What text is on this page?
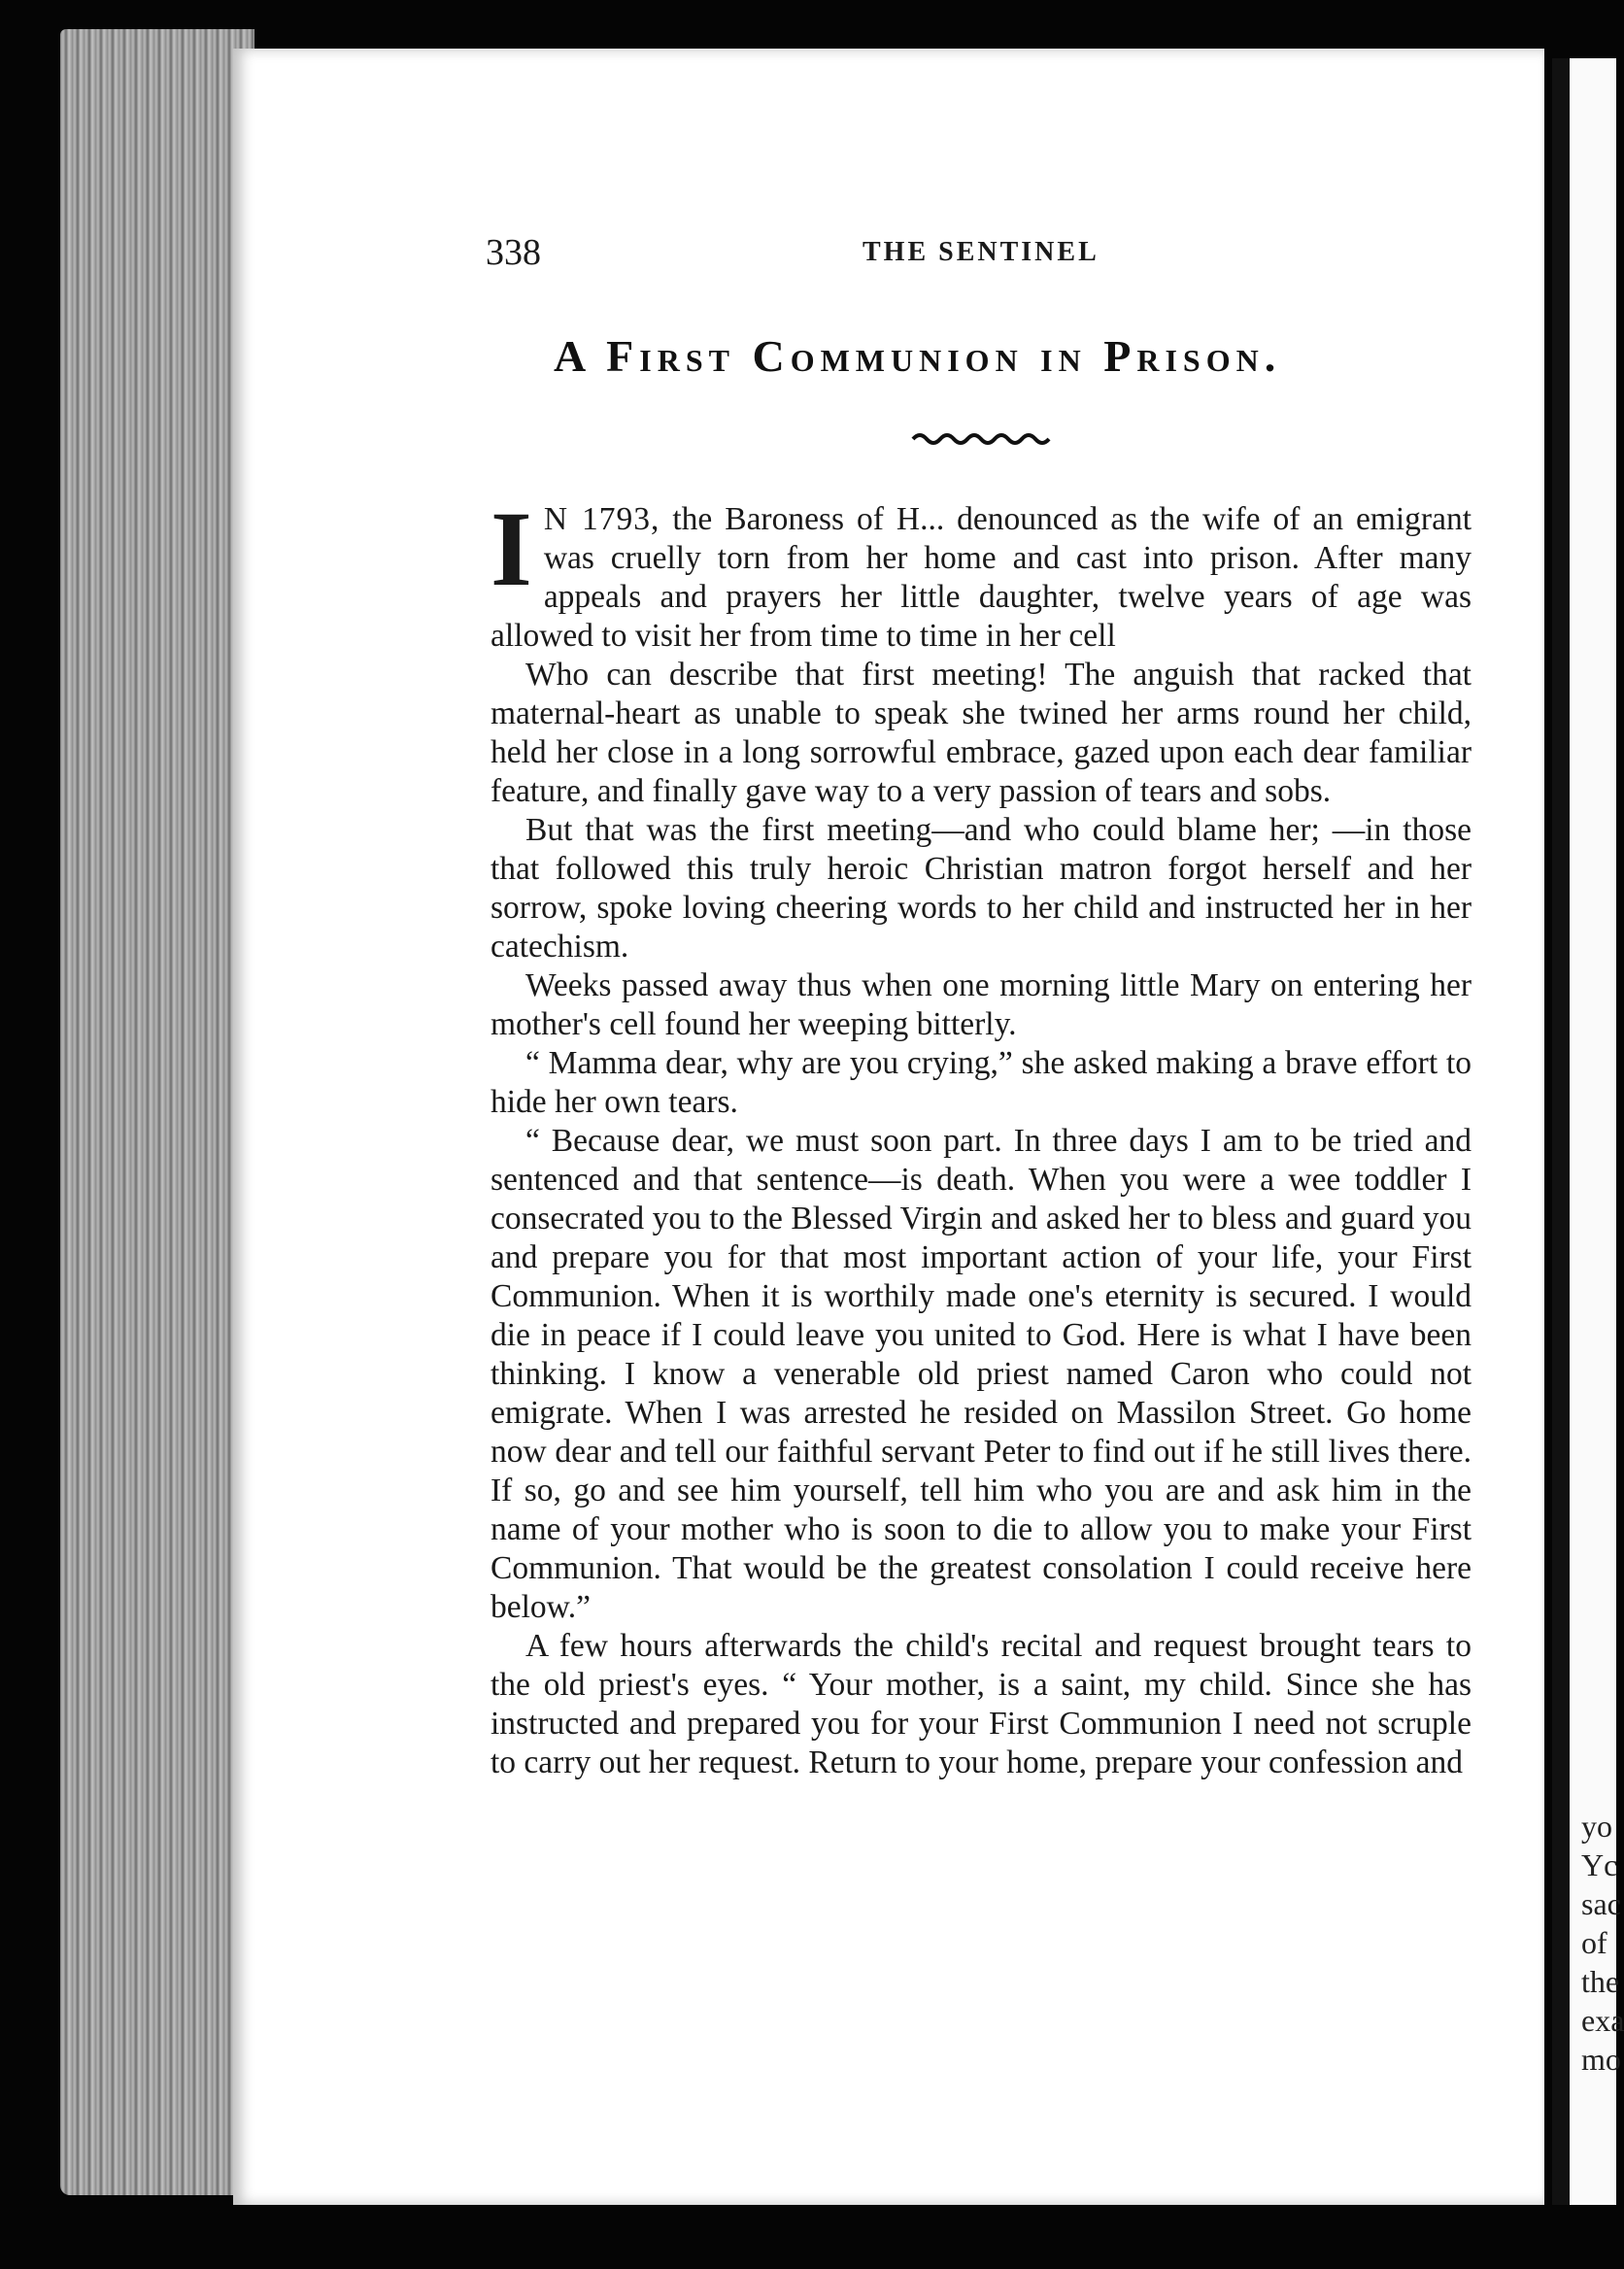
yo
Yc
sac
of
the
exa
mo
338	THE SENTINEL
A First Communion in Prison.

I N 1793, the Baroness of H... denounced as the wife of an emigrant was cruelly torn from her home and cast into prison. After many appeals and prayers her little daughter, twelve years of age was allowed to visit her from time to time in her cell

Who can describe that first meeting! The anguish that racked that maternal-heart as unable to speak she twined her arms round her child, held her close in a long sorrowful embrace, gazed upon each dear familiar feature, and finally gave way to a very passion of tears and sobs.

But that was the first meeting—and who could blame her; —in those that followed this truly heroic Christian matron forgot herself and her sorrow, spoke loving cheering words to her child and instructed her in her catechism.

Weeks passed away thus when one morning little Mary on entering her mother's cell found her weeping bitterly.

“ Mamma dear, why are you crying,” she asked making a brave effort to hide her own tears.

“ Because dear, we must soon part. In three days I am to be tried and sentenced and that sentence—is death. When you were a wee toddler I consecrated you to the Blessed Virgin and asked her to bless and guard you and prepare you for that most important action of your life, your First Communion. When it is worthily made one's eternity is secured. I would die in peace if I could leave you united to God. Here is what I have been thinking. I know a venerable old priest named Caron who could not emigrate. When I was arrested he resided on Massilon Street. Go home now dear and tell our faithful servant Peter to find out if he still lives there. If so, go and see him yourself, tell him who you are and ask him in the name of your mother who is soon to die to allow you to make your First Communion. That would be the greatest consolation I could receive here below.”

A few hours afterwards the child's recital and request brought tears to the old priest's eyes. “ Your mother, is a saint, my child. Since she has instructed and prepared you for your First Communion I need not scruple to carry out her request. Return to your home, prepare your confession and
